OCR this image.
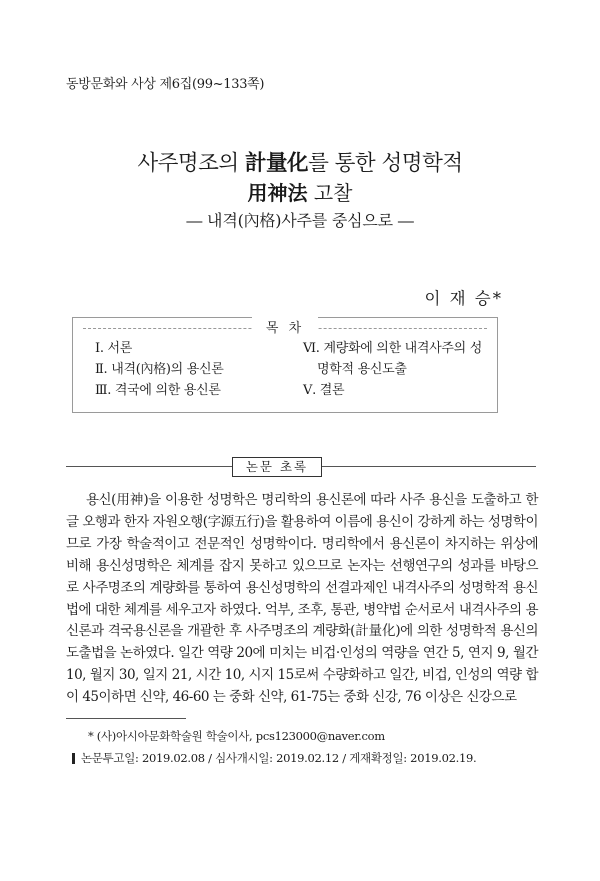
동방문화와 사상 제6집(99~133쪽)
사주명조의 計量化를 통한 성명학적
用神法 고찰
― 내격(內格)사주를 중심으로 ―
이 재 승*
목 차
Ⅰ. 서론
Ⅱ. 내격(內格)의 용신론
Ⅲ. 격국에 의한 용신론
Ⅵ. 계량화에 의한 내격사주의 성
명학적 용신도출
Ⅴ. 결론
논문 초록
용신(用神)을 이용한 성명학은 명리학의 용신론에 따라 사주 용신을 도출하고 한글 오행과 한자 자원오행(字源五行)을 활용하여 이름에 용신이 강하게 하는 성명학이므로 가장 학술적이고 전문적인 성명학이다. 명리학에서 용신론이 차지하는 위상에 비해 용신성명학은 체계를 잡지 못하고 있으므로 논자는 선행연구의 성과를 바탕으로 사주명조의 계량화를 통하여 용신성명학의 선결과제인 내격사주의 성명학적 용신법에 대한 체계를 세우고자 하였다. 억부, 조후, 통관, 병약법 순서로서 내격사주의 용신론과 격국용신론을 개괄한 후 사주명조의 계량화(計量化)에 의한 성명학적 용신의 도출법을 논하였다. 일간 역량 20에 미치는 비겁·인성의 역량을 연간 5, 연지 9, 월간 10, 월지 30, 일지 21, 시간 10, 시지 15로써 수량화하고 일간, 비겁, 인성의 역량 합이 45이하면 신약, 46-60 는 중화 신약, 61-75는 중화 신강, 76 이상은 신강으로
* (사)아시아문화학술원 학술이사, pcs123000@naver.com
논문투고일: 2019.02.08 / 심사개시일: 2019.02.12 / 게재확정일: 2019.02.19.
